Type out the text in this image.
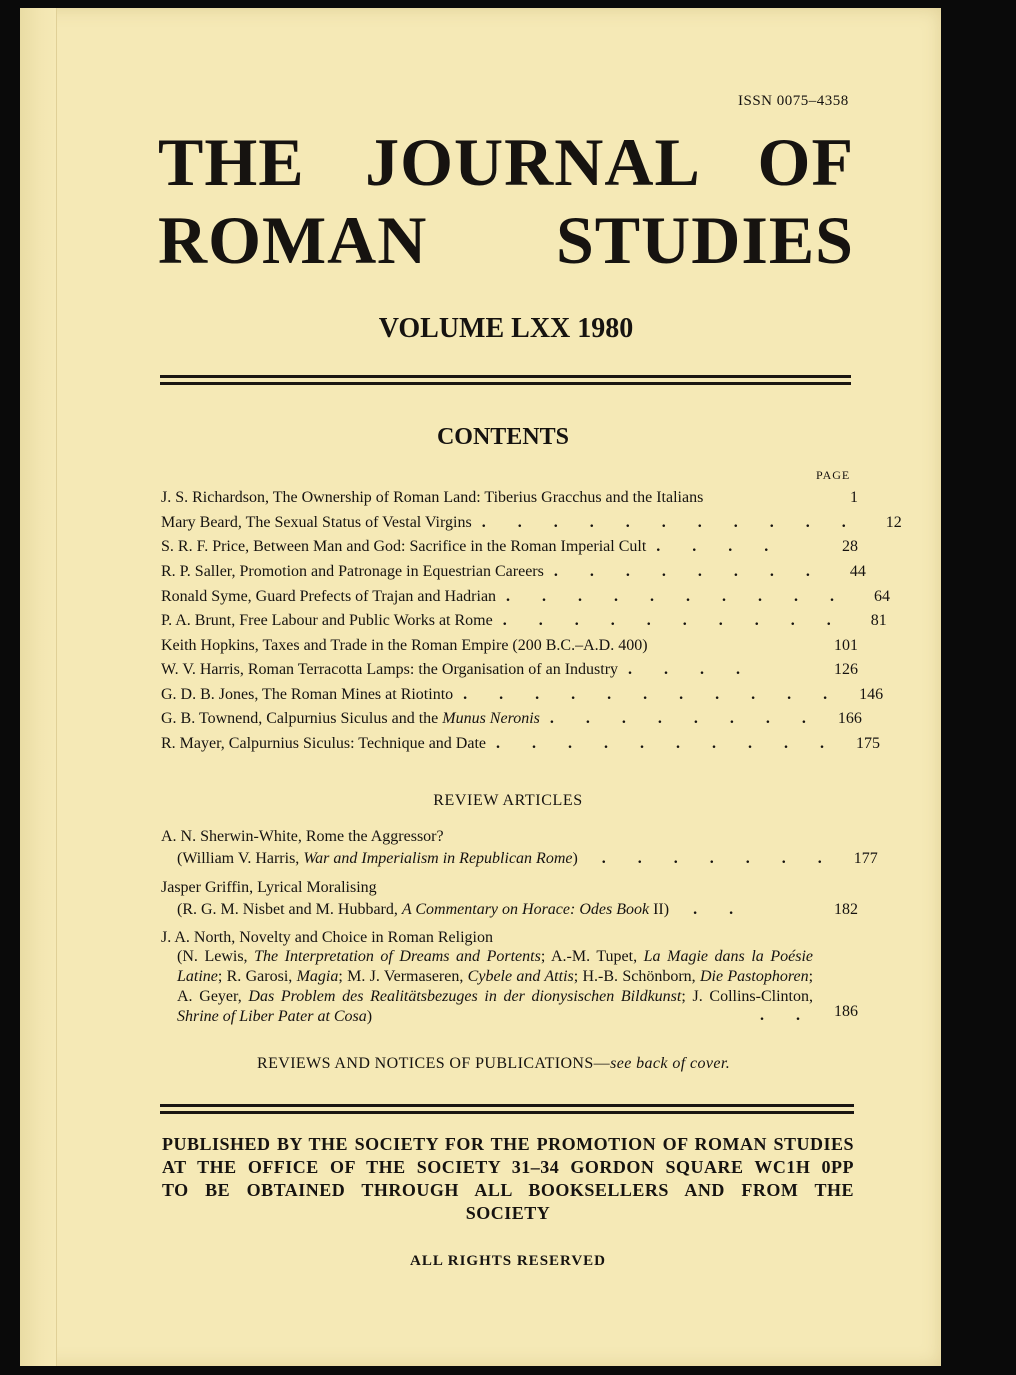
ISSN 0075–4358
THE JOURNAL OF
ROMAN STUDIES
VOLUME LXX 1980
CONTENTS
PAGE
J. S. Richardson, The Ownership of Roman Land: Tiberius Gracchus and the Italians	1
Mary Beard, The Sexual Status of Vestal Virgins . . . . . . . . . . .	12
S. R. F. Price, Between Man and God: Sacrifice in the Roman Imperial Cult . . . .	28
R. P. Saller, Promotion and Patronage in Equestrian Careers . . . . . . . .	44
Ronald Syme, Guard Prefects of Trajan and Hadrian . . . . . . . . . .	64
P. A. Brunt, Free Labour and Public Works at Rome . . . . . . . . . .	81
Keith Hopkins, Taxes and Trade in the Roman Empire (200 B.C.–A.D. 400)	101
W. V. Harris, Roman Terracotta Lamps: the Organisation of an Industry . . . .	126
G. D. B. Jones, The Roman Mines at Riotinto . . . . . . . . . . .	146
G. B. Townend, Calpurnius Siculus and the Munus Neronis . . . . . . . .	166
R. Mayer, Calpurnius Siculus: Technique and Date . . . . . . . . . .	175
REVIEW ARTICLES
A. N. Sherwin-White, Rome the Aggressor?
(William V. Harris, War and Imperialism in Republican Rome)	. . . . . . .	177
Jasper Griffin, Lyrical Moralising
(R. G. M. Nisbet and M. Hubbard, A Commentary on Horace: Odes Book II)	. .	182
J. A. North, Novelty and Choice in Roman Religion
(N. Lewis, The Interpretation of Dreams and Portents; A.-M. Tupet, La Magie dans la Poésie Latine; R. Garosi, Magia; M. J. Vermaseren, Cybele and Attis; H.-B. Schönborn, Die Pastophoren; A. Geyer, Das Problem des Realitätsbezuges in der dionysischen Bildkunst; J. Collins-Clinton, Shrine of Liber Pater at Cosa)	. .	186
REVIEWS AND NOTICES OF PUBLICATIONS—see back of cover.
PUBLISHED BY THE SOCIETY FOR THE PROMOTION OF ROMAN STUDIES
AT THE OFFICE OF THE SOCIETY 31–34 GORDON SQUARE WC1H 0PP
TO BE OBTAINED THROUGH ALL BOOKSELLERS AND FROM THE
SOCIETY
ALL RIGHTS RESERVED
